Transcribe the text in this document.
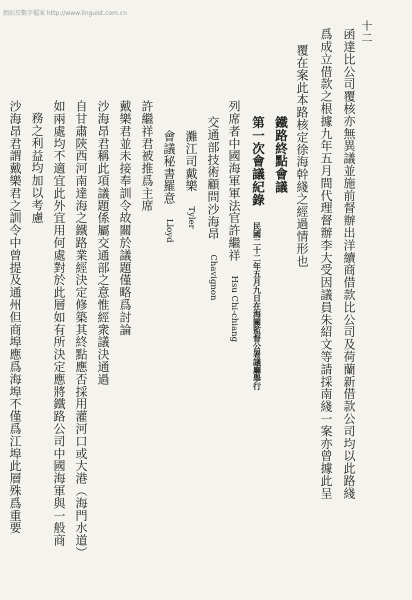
網站於數字檔案 http://www.linguist.com.cn
十二
函達比公司覆核亦無異議並施前督辦出洋續商借款比公司及荷蘭新借款公司均以此路綫
爲成立借款之根據九年五月間代理督辦李大受因議員朱紹文等請採南綫一案亦曾據此呈
覆在案此本路核定徐海幹綫之經過情形也
鐵路終點會議
第一次會議紀錄 民國二十二年五月九日在海關監督公署議廳舉行
列席者中國海軍軍法官許繼祥 Hsu Chi-chiang
交通部技術顧問沙海昂 Chavignon
灘江司戴樂 Tyler
會議秘書羅意 Lloyd
許繼祥君被推爲主席
戴樂君並未接奉訓令故關於議題僅略爲討論
沙海昂君稱此項議題係屬交通部之意惟經衆議決通過
自甘肅陝西河南達海之鐵路業經決定修築其終點應否採用灌河口或大港（海門水道）
如兩處均不適宜此外宜用何處對於此層如有所決定應將鐵路公司中國海軍與一般商
務之利益均加以考慮
沙海昂君謂戴樂君之訓令中曾提及通州但商埠應爲海埠不僅爲江埠此層殊爲重要
